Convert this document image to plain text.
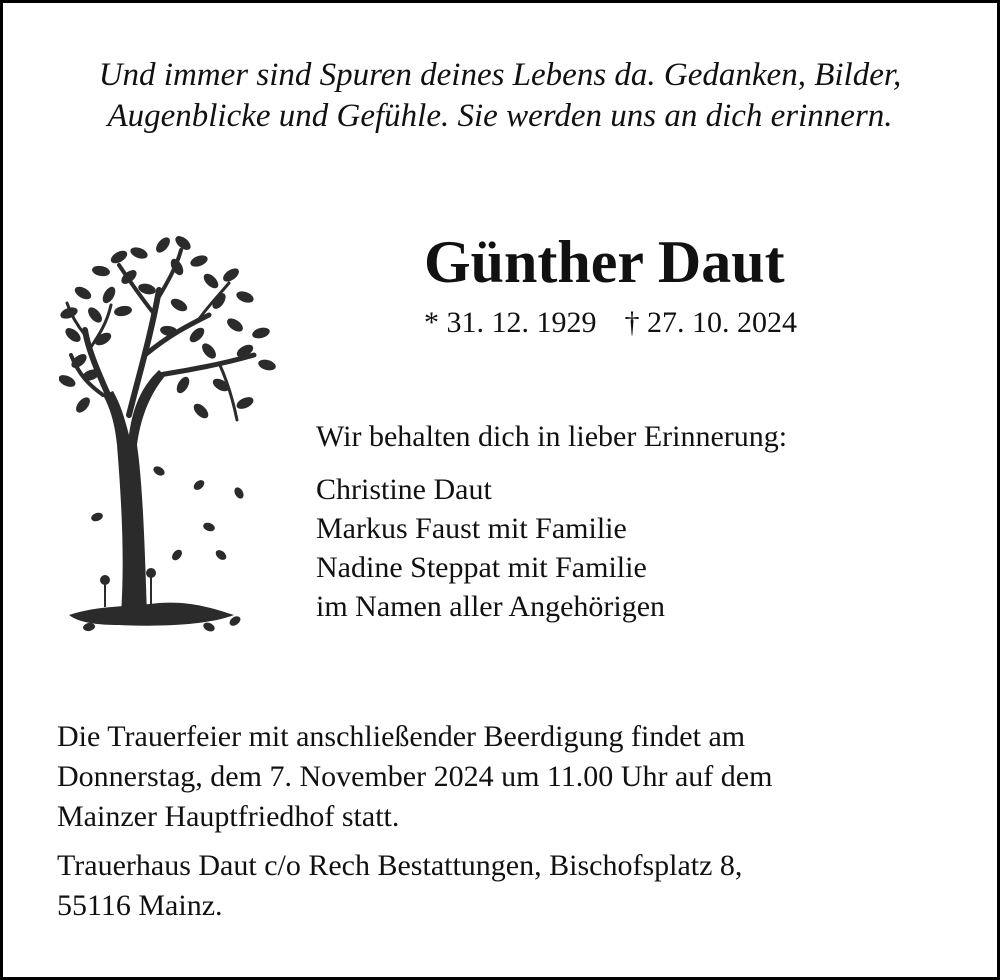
Und immer sind Spuren deines Lebens da. Gedanken, Bilder,
Augenblicke und Gefühle. Sie werden uns an dich erinnern.
Günther Daut
* 31. 12. 1929 † 27. 10. 2024
Wir behalten dich in lieber Erinnerung:
Christine Daut
Markus Faust mit Familie
Nadine Steppat mit Familie
im Namen aller Angehörigen
Die Trauerfeier mit anschließender Beerdigung findet am
Donnerstag, dem 7. November 2024 um 11.00 Uhr auf dem
Mainzer Hauptfriedhof statt.
Trauerhaus Daut c/o Rech Bestattungen, Bischofsplatz 8,
55116 Mainz.
